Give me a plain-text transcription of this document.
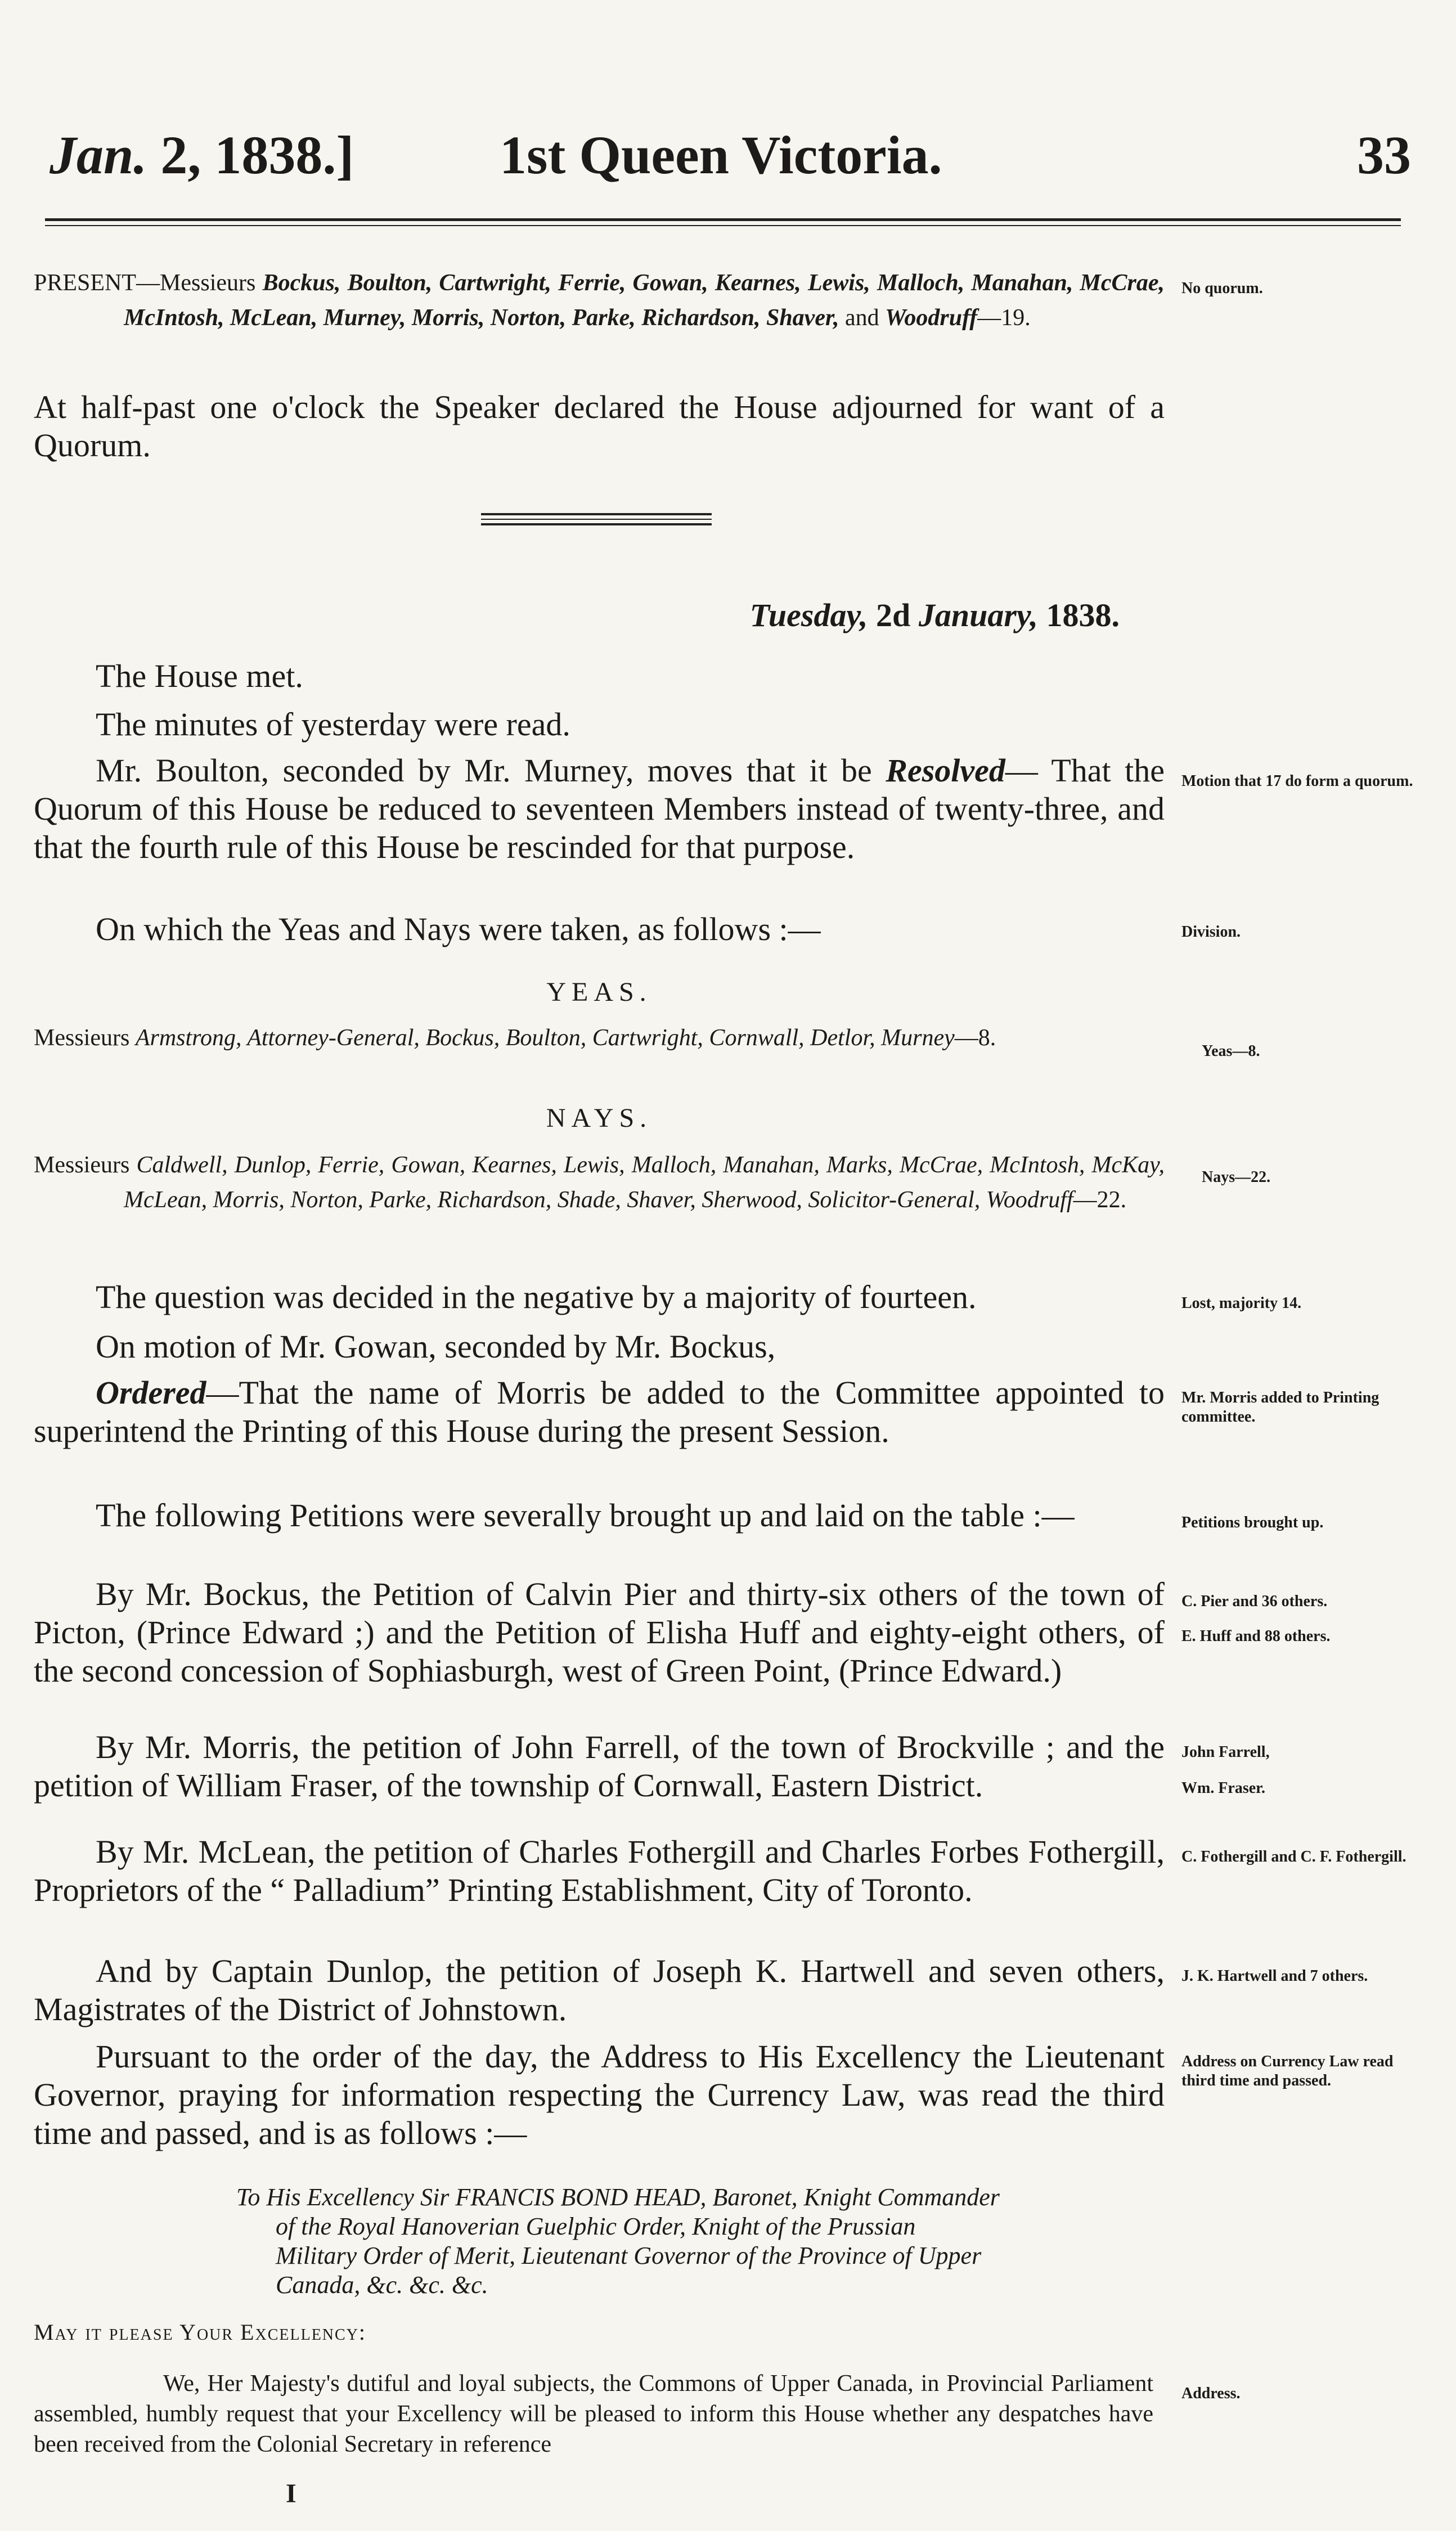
Jan. 2, 1838.]	1st Queen Victoria.	33

PRESENT—Messieurs Bockus, Boulton, Cartwright, Ferrie, Gowan, Kearnes, Lewis, Malloch, Manahan, McCrae, McIntosh, McLean, Murney, Morris, Norton, Parke, Richardson, Shaver, and Woodruff—19.

No quorum.

At half-past one o'clock the Speaker declared the House adjourned for want of a Quorum.

Tuesday, 2d January, 1838.

The House met.

The minutes of yesterday were read.

Mr. Boulton, seconded by Mr. Murney, moves that it be Resolved— That the Quorum of this House be reduced to seventeen Members instead of twenty-three, and that the fourth rule of this House be rescinded for that purpose.

Motion that 17 do form a quorum.

On which the Yeas and Nays were taken, as follows :—	Division.
YEAS.

Messieurs Armstrong, Attorney-General, Bockus, Boulton, Cartwright, Cornwall, Detlor, Murney—8.

Yeas—8.
NAYS.

Messieurs Caldwell, Dunlop, Ferrie, Gowan, Kearnes, Lewis, Malloch, Manahan, Marks, McCrae, McIntosh, McKay, McLean, Morris, Norton, Parke, Richardson, Shade, Shaver, Sherwood, Solicitor-General, Woodruff—22.

Nays—22.

The question was decided in the negative by a majority of fourteen.	Lost, majority 14.

On motion of Mr. Gowan, seconded by Mr. Bockus,

Ordered—That the name of Morris be added to the Committee appointed to superintend the Printing of this House during the present Session.

Mr. Morris added to Printing committee.

The following Petitions were severally brought up and laid on the table :—	Petitions brought up.

By Mr. Bockus, the Petition of Calvin Pier and thirty-six others of the town of Picton, (Prince Edward ;) and the Petition of Elisha Huff and eighty-eight others, of the second concession of Sophiasburgh, west of Green Point, (Prince Edward.)

C. Pier and 36 others.
E. Huff and 88 others.

By Mr. Morris, the petition of John Farrell, of the town of Brockville ; and the petition of William Fraser, of the township of Cornwall, Eastern District.

John Farrell,
Wm. Fraser.

By Mr. McLean, the petition of Charles Fothergill and Charles Forbes Fothergill, Proprietors of the “ Palladium” Printing Establishment, City of Toronto.

C. Fothergill and C. F. Fothergill.

And by Captain Dunlop, the petition of Joseph K. Hartwell and seven others, Magistrates of the District of Johnstown.

J. K. Hartwell and 7 others.

Pursuant to the order of the day, the Address to His Excellency the Lieutenant Governor, praying for information respecting the Currency Law, was read the third time and passed, and is as follows :—

Address on Currency Law read third time and passed.
To His Excellency Sir FRANCIS BOND HEAD, Baronet, Knight Commander
of the Royal Hanoverian Guelphic Order, Knight of the Prussian
Military Order of Merit, Lieutenant Governor of the Province of Upper
Canada, &c. &c. &c.
May it please Your Excellency:
We, Her Majesty's dutiful and loyal subjects, the Commons of Upper Canada, in Provincial Parliament assembled, humbly request that your Excellency will be pleased to inform this House whether any despatches have been received from the Colonial Secretary in reference
Address.
I
